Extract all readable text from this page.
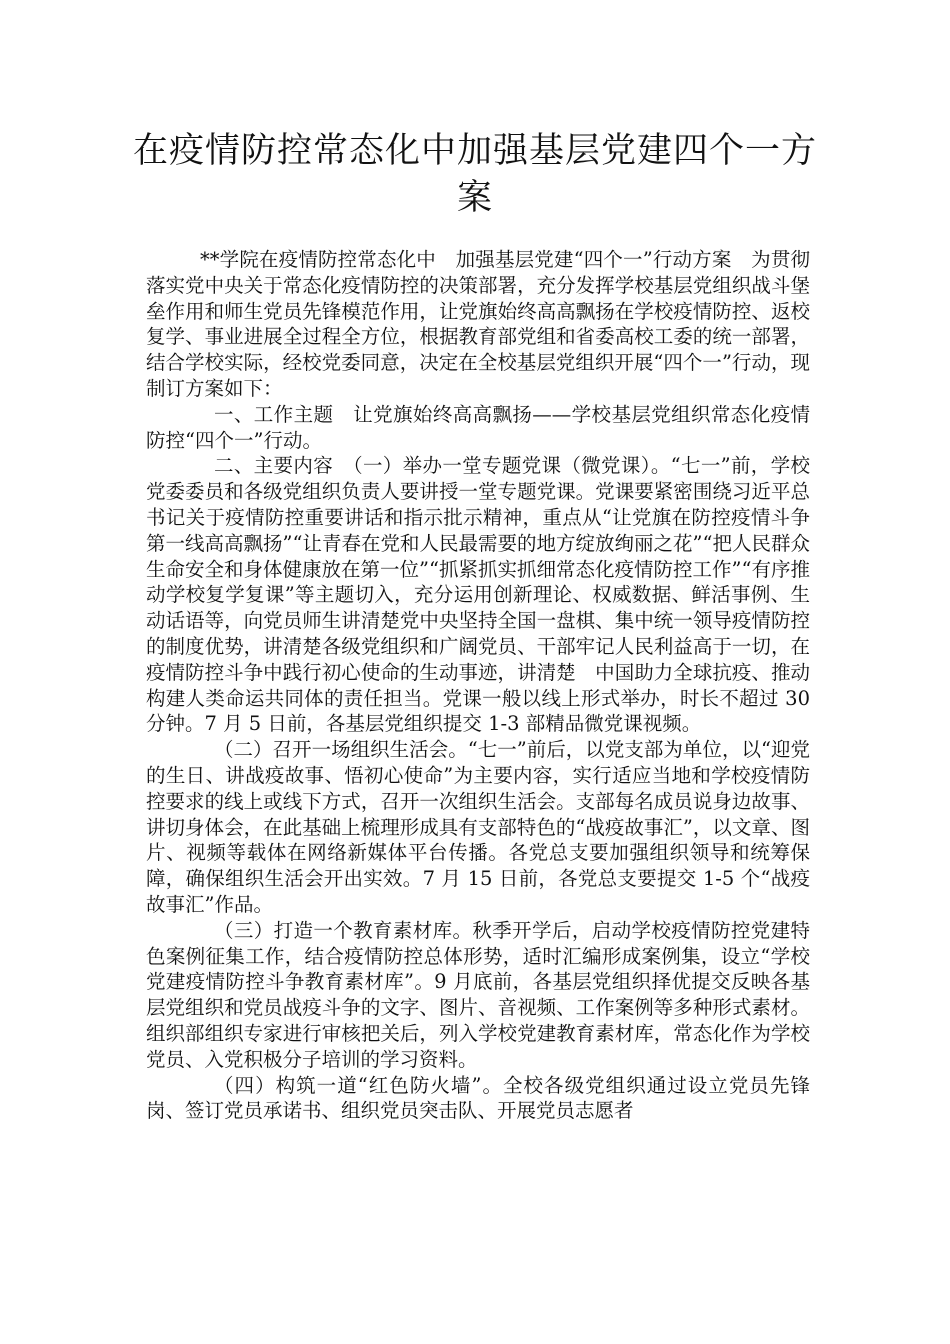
在疫情防控常态化中加强基层党建四个一方案

**学院在疫情防控常态化中　加强基层党建“四个一”行动方案　为贯彻落实党中央关于常态化疫情防控的决策部署，充分发挥学校基层党组织战斗堡垒作用和师生党员先锋模范作用，让党旗始终高高飘扬在学校疫情防控、返校复学、事业进展全过程全方位，根据教育部党组和省委高校工委的统一部署，结合学校实际，经校党委同意，决定在全校基层党组织开展“四个一”行动，现制订方案如下：

一、工作主题　让党旗始终高高飘扬——学校基层党组织常态化疫情防控“四个一”行动。

二、主要内容　（一）举办一堂专题党课（微党课）。“七一”前，学校党委委员和各级党组织负责人要讲授一堂专题党课。党课要紧密围绕习近平总书记关于疫情防控重要讲话和指示批示精神，重点从“让党旗在防控疫情斗争第一线高高飘扬”“让青春在党和人民最需要的地方绽放绚丽之花”“把人民群众生命安全和身体健康放在第一位”“抓紧抓实抓细常态化疫情防控工作”“有序推动学校复学复课”等主题切入，充分运用创新理论、权威数据、鲜活事例、生动话语等，向党员师生讲清楚党中央坚持全国一盘棋、集中统一领导疫情防控的制度优势，讲清楚各级党组织和广阔党员、干部牢记人民利益高于一切，在疫情防控斗争中践行初心使命的生动事迹，讲清楚　中国助力全球抗疫、推动构建人类命运共同体的责任担当。党课一般以线上形式举办，时长不超过 30 分钟。7 月 5 日前，各基层党组织提交 1-3 部精品微党课视频。

（二）召开一场组织生活会。“七一”前后，以党支部为单位，以“迎党的生日、讲战疫故事、悟初心使命”为主要内容，实行适应当地和学校疫情防控要求的线上或线下方式，召开一次组织生活会。支部每名成员说身边故事、讲切身体会，在此基础上梳理形成具有支部特色的“战疫故事汇”，以文章、图片、视频等载体在网络新媒体平台传播。各党总支要加强组织领导和统筹保障，确保组织生活会开出实效。7 月 15 日前，各党总支要提交 1-5 个“战疫故事汇”作品。

（三）打造一个教育素材库。秋季开学后，启动学校疫情防控党建特色案例征集工作，结合疫情防控总体形势，适时汇编形成案例集，设立“学校党建疫情防控斗争教育素材库”。9 月底前，各基层党组织择优提交反映各基层党组织和党员战疫斗争的文字、图片、音视频、工作案例等多种形式素材。组织部组织专家进行审核把关后，列入学校党建教育素材库，常态化作为学校党员、入党积极分子培训的学习资料。

（四）构筑一道“红色防火墙”。全校各级党组织通过设立党员先锋岗、签订党员承诺书、组织党员突击队、开展党员志愿者
